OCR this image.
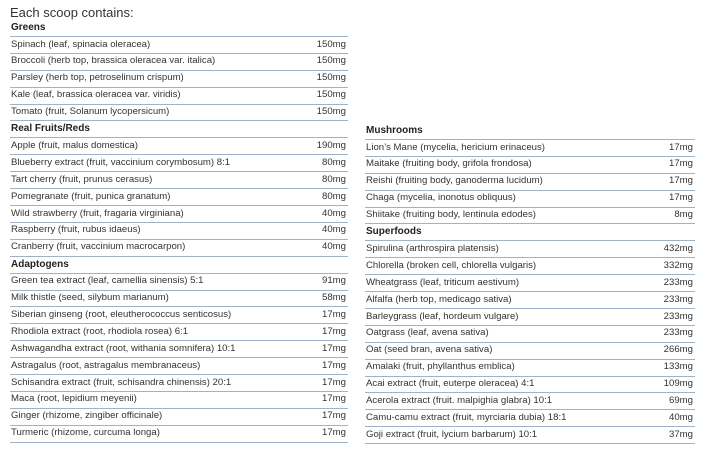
Each scoop contains:
Greens
Spinach (leaf, spinacia oleracea)	150mg
Broccoli (herb top, brassica oleracea var. italica)	150mg
Parsley (herb top, petroselinum crispum)	150mg
Kale (leaf, brassica oleracea var. viridis)	150mg
Tomato (fruit, Solanum lycopersicum)	150mg
Real Fruits/Reds
Apple (fruit, malus domestica)	190mg
Blueberry extract (fruit, vaccinium corymbosum) 8:1	80mg
Tart cherry (fruit, prunus cerasus)	80mg
Pomegranate (fruit, punica granatum)	80mg
Wild strawberry (fruit, fragaria virginiana)	40mg
Raspberry (fruit, rubus idaeus)	40mg
Cranberry (fruit, vaccinium macrocarpon)	40mg
Adaptogens
Green tea extract (leaf, camellia sinensis) 5:1	91mg
Milk thistle (seed, silybum marianum)	58mg
Siberian ginseng (root, eleutherococcus senticosus)	17mg
Rhodiola extract (root, rhodiola rosea) 6:1	17mg
Ashwagandha extract (root, withania somnifera) 10:1	17mg
Astragalus (root, astragalus membranaceus)	17mg
Schisandra extract (fruit, schisandra chinensis) 20:1	17mg
Maca (root, lepidium meyenii)	17mg
Ginger (rhizome, zingiber officinale)	17mg
Turmeric (rhizome, curcuma longa)	17mg
Mushrooms
Lion’s Mane (mycelia, hericium erinaceus)	17mg
Maitake (fruiting body, grifola frondosa)	17mg
Reishi (fruiting body, ganoderma lucidum)	17mg
Chaga (mycelia, inonotus obliquus)	17mg
Shiitake (fruiting body, lentinula edodes)	8mg
Superfoods
Spirulina (arthrospira platensis)	432mg
Chlorella (broken cell, chlorella vulgaris)	332mg
Wheatgrass (leaf, triticum aestivum)	233mg
Alfalfa (herb top, medicago sativa)	233mg
Barleygrass (leaf, hordeum vulgare)	233mg
Oatgrass (leaf, avena sativa)	233mg
Oat (seed bran, avena sativa)	266mg
Amalaki (fruit, phyllanthus emblica)	133mg
Acai extract (fruit, euterpe oleracea) 4:1	109mg
Acerola extract (fruit. malpighia glabra) 10:1	69mg
Camu-camu extract (fruit, myrciaria dubia) 18:1	40mg
Goji extract (fruit, lycium barbarum) 10:1	37mg
